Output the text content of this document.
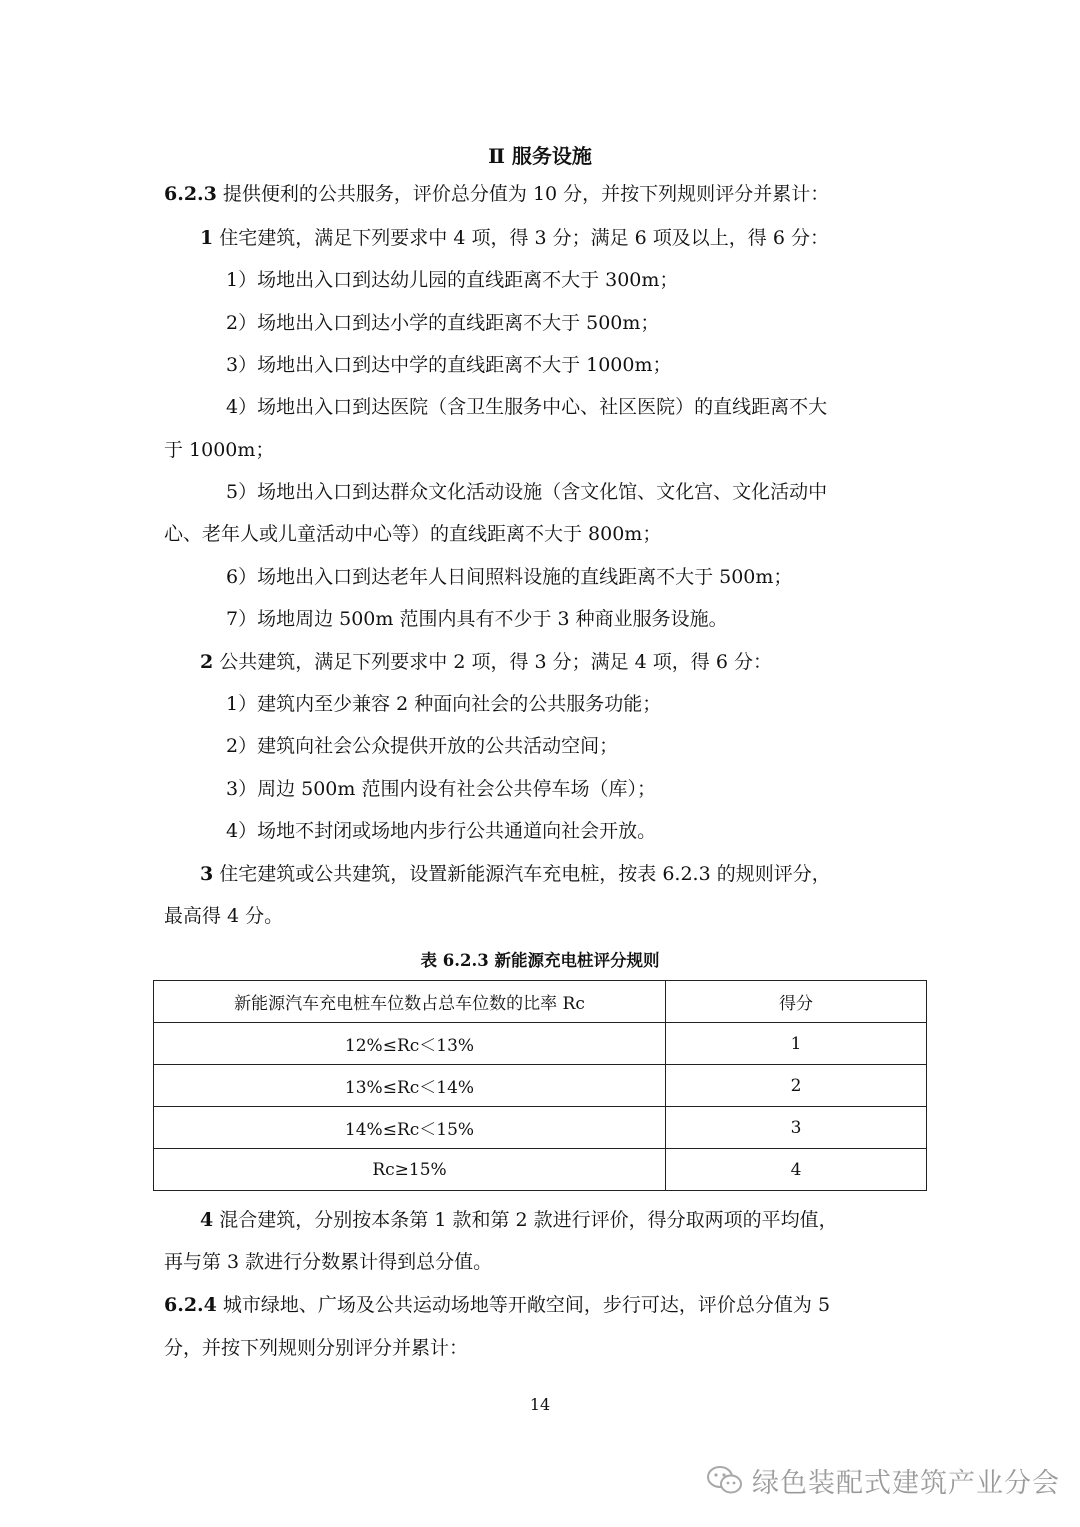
Ⅱ 服务设施
6.2.3 提供便利的公共服务，评价总分值为 10 分，并按下列规则评分并累计：
1 住宅建筑，满足下列要求中 4 项，得 3 分；满足 6 项及以上，得 6 分：
1）场地出入口到达幼儿园的直线距离不大于 300m；
2）场地出入口到达小学的直线距离不大于 500m；
3）场地出入口到达中学的直线距离不大于 1000m；
4）场地出入口到达医院（含卫生服务中心、社区医院）的直线距离不大
于 1000m；
5）场地出入口到达群众文化活动设施（含文化馆、文化宫、文化活动中
心、老年人或儿童活动中心等）的直线距离不大于 800m；
6）场地出入口到达老年人日间照料设施的直线距离不大于 500m；
7）场地周边 500m 范围内具有不少于 3 种商业服务设施。
2 公共建筑，满足下列要求中 2 项，得 3 分；满足 4 项，得 6 分：
1）建筑内至少兼容 2 种面向社会的公共服务功能；
2）建筑向社会公众提供开放的公共活动空间；
3）周边 500m 范围内设有社会公共停车场（库）；
4）场地不封闭或场地内步行公共通道向社会开放。
3 住宅建筑或公共建筑，设置新能源汽车充电桩，按表 6.2.3 的规则评分，
最高得 4 分。
表 6.2.3 新能源充电桩评分规则
新能源汽车充电桩车位数占总车位数的比率 Rc	得分
12%≤Rc＜13%	1
13%≤Rc＜14%	2
14%≤Rc＜15%	3
Rc≥15%	4
4 混合建筑，分别按本条第 1 款和第 2 款进行评价，得分取两项的平均值，
再与第 3 款进行分数累计得到总分值。
6.2.4 城市绿地、广场及公共运动场地等开敞空间，步行可达，评价总分值为 5
分，并按下列规则分别评分并累计：
14
绿色装配式建筑产业分会
